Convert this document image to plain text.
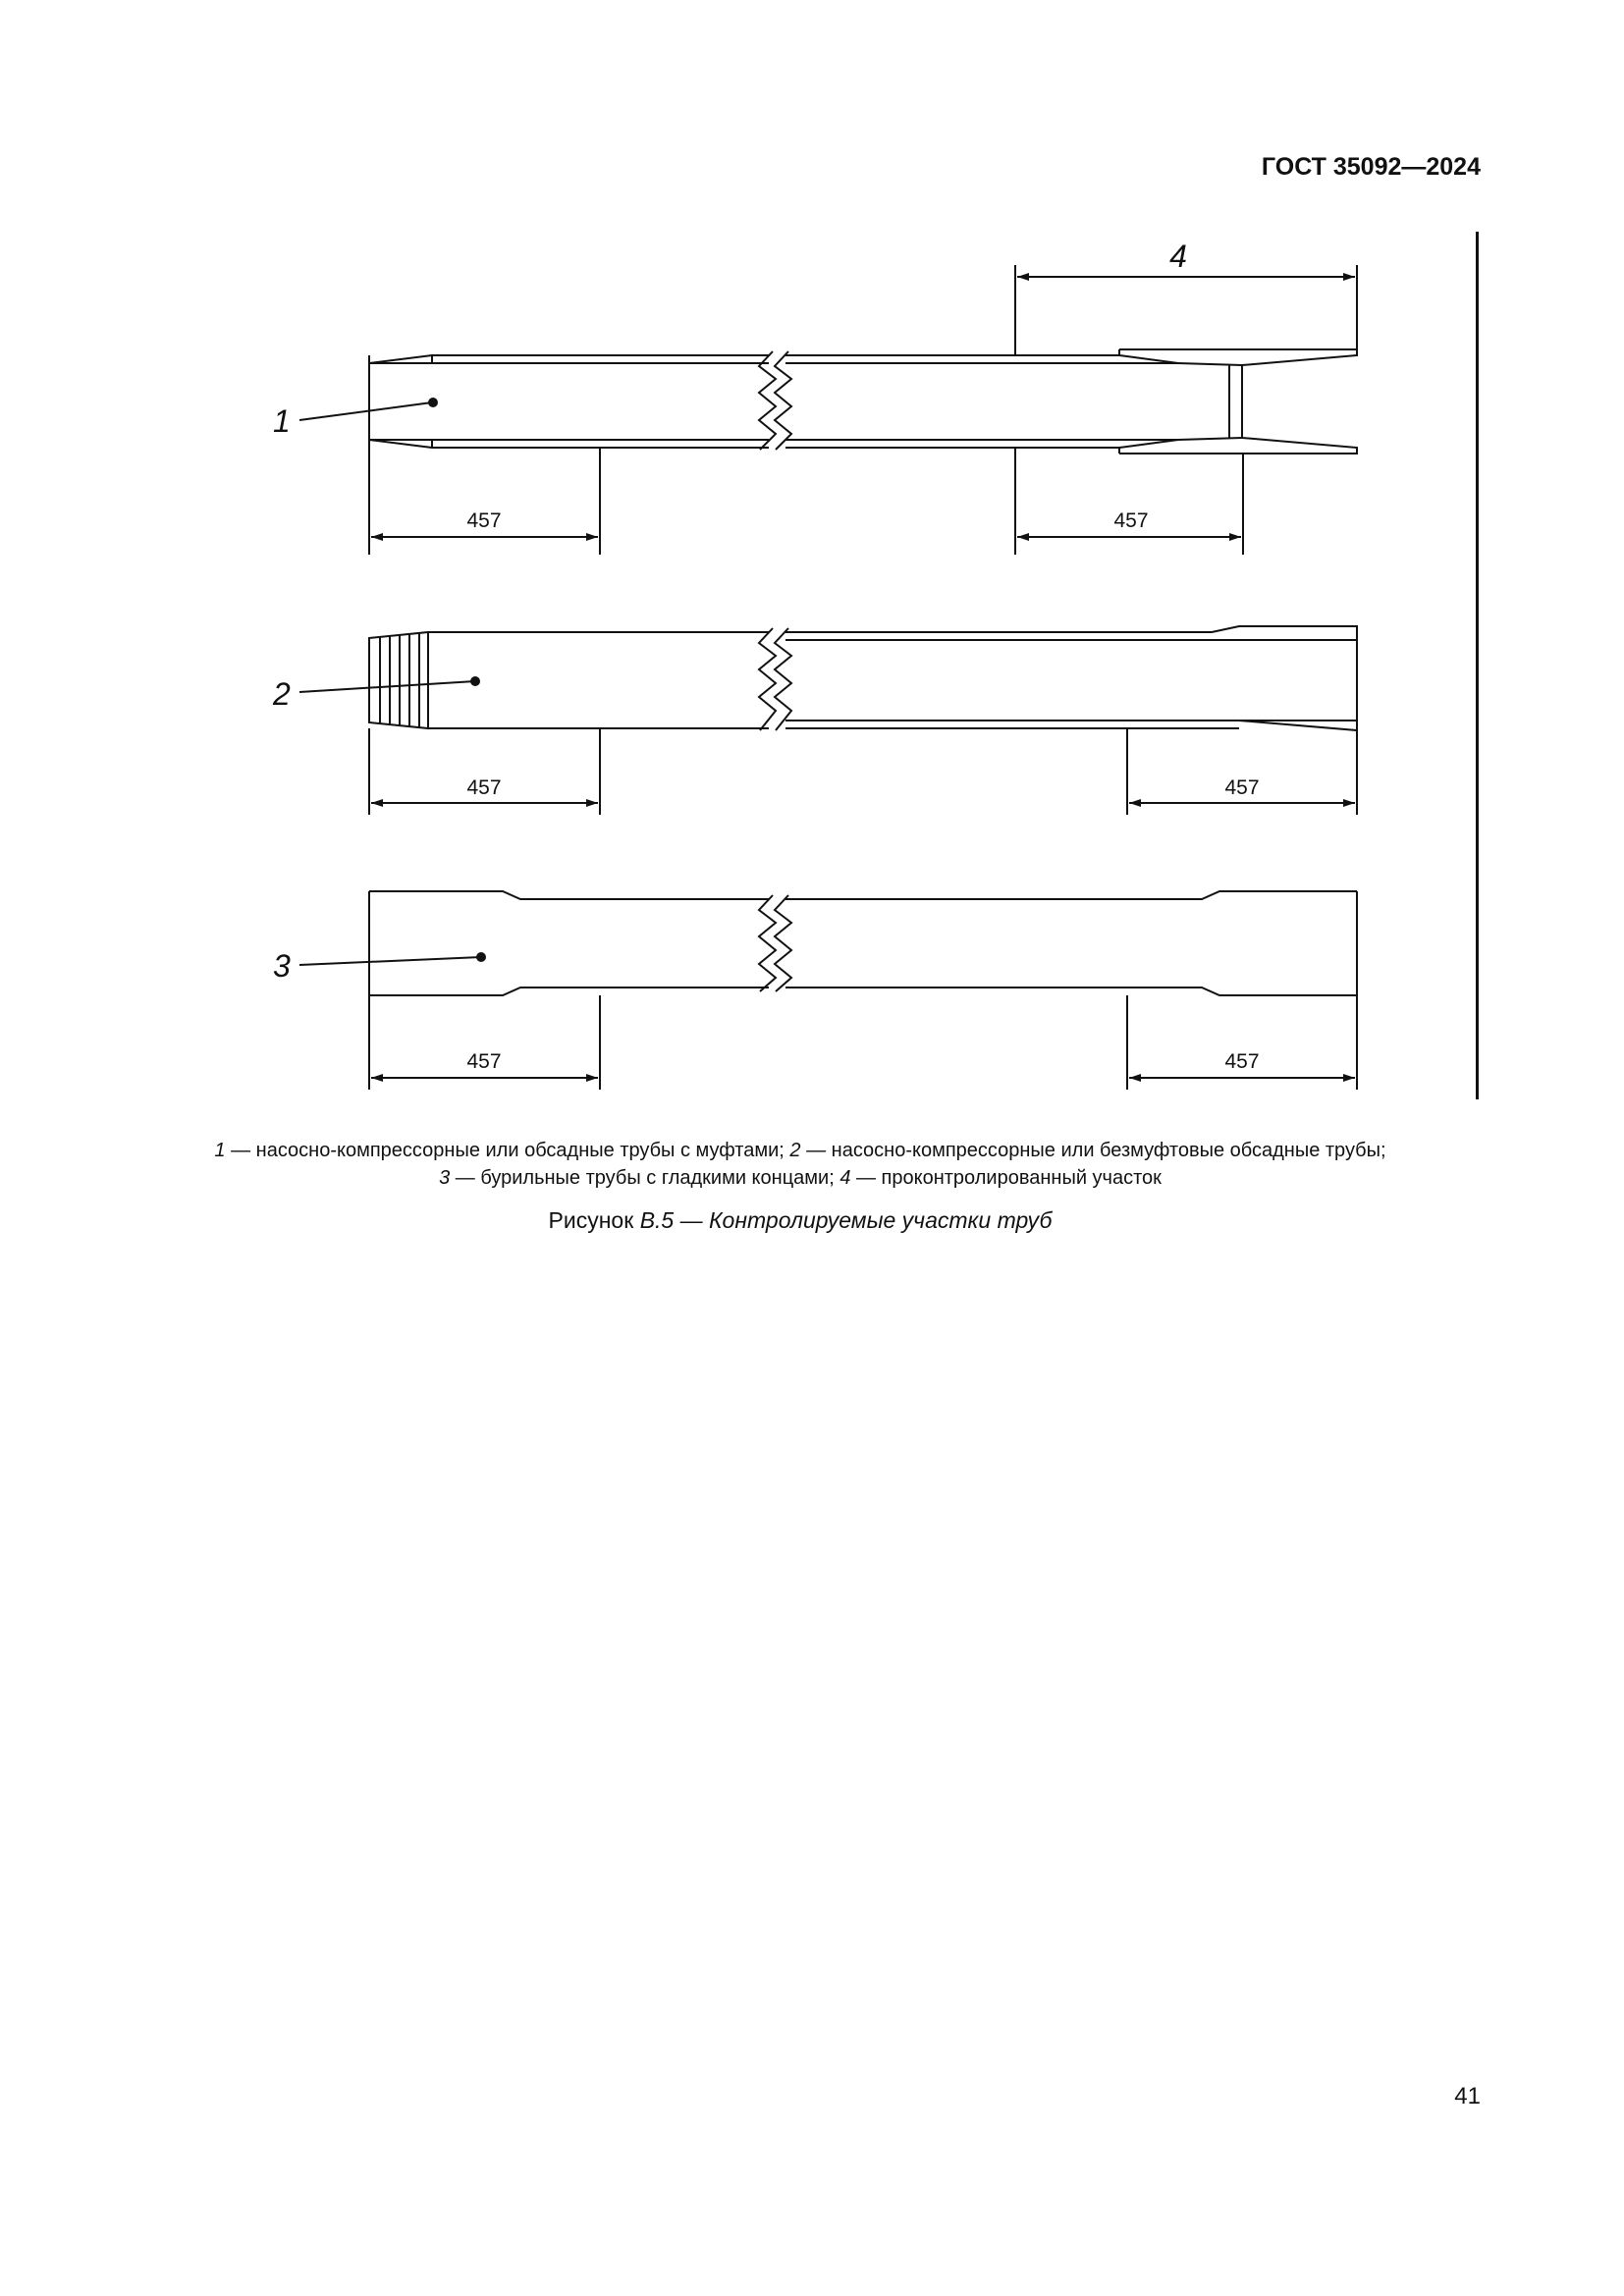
ГОСТ 35092—2024

1
2
3
4
457	457
457	457
457	457

1 — насосно-компрессорные или обсадные трубы с муфтами; 2 — насосно-компрессорные или безмуфтовые обсадные трубы;
3 — бурильные трубы с гладкими концами; 4 — проконтролированный участок

Рисунок В.5 — Контролируемые участки труб

41
